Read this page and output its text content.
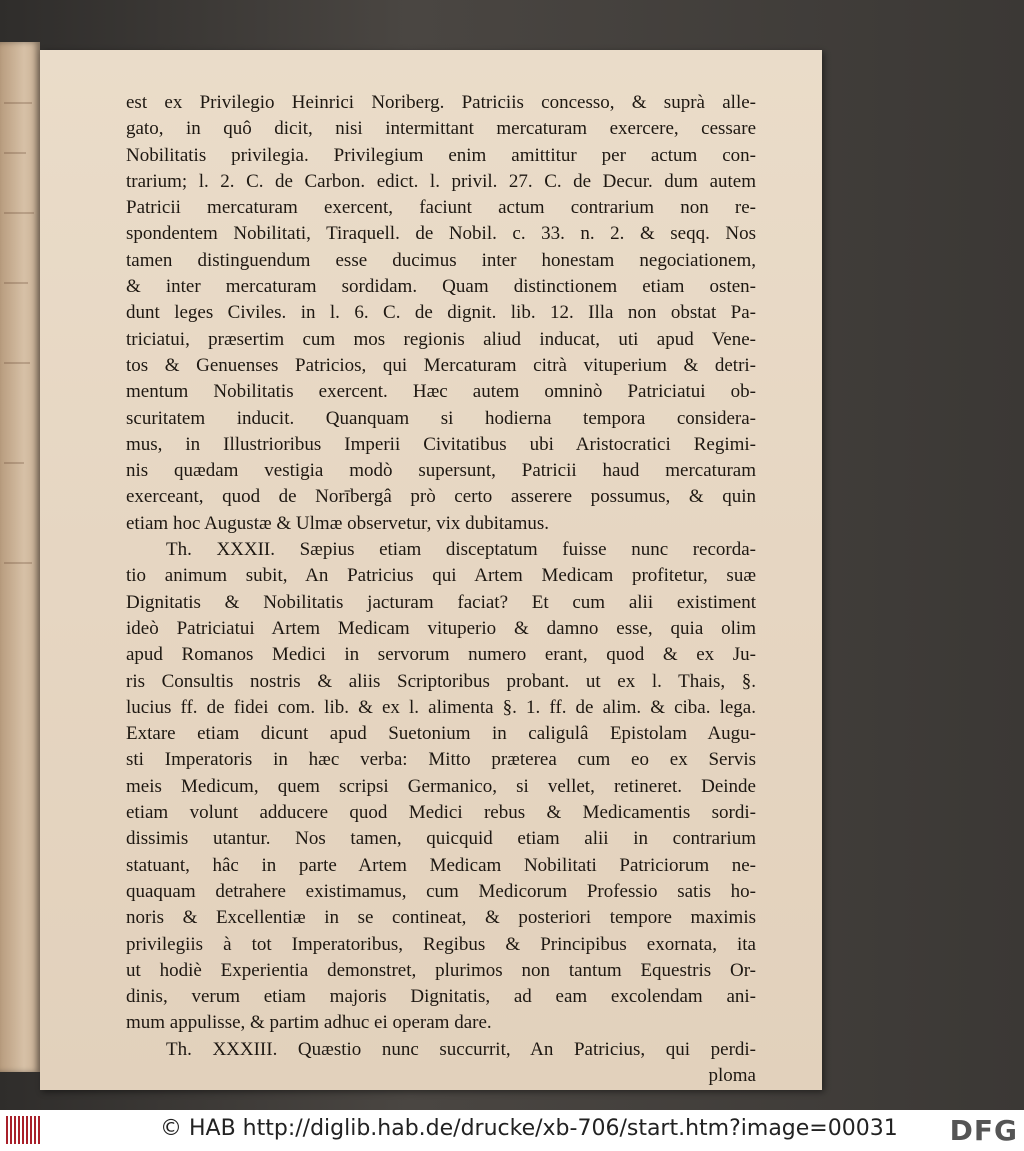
est ex Privilegio Heinrici Noriberg. Patriciis concesso, & suprà alle-
gato, in quô dicit, nisi intermittant mercaturam exercere, cessare
Nobilitatis privilegia. Privilegium enim amittitur per actum con-
trarium; l. 2. C. de Carbon. edict. l. privil. 27. C. de Decur. dum autem
Patricii mercaturam exercent, faciunt actum contrarium non re-
spondentem Nobilitati, Tiraquell. de Nobil. c. 33. n. 2. & seqq. Nos
tamen distinguendum esse ducimus inter honestam negociationem,
& inter mercaturam sordidam. Quam distinctionem etiam osten-
dunt leges Civiles. in l. 6. C. de dignit. lib. 12. Illa non obstat Pa-
triciatui, præsertim cum mos regionis aliud inducat, uti apud Vene-
tos & Genuenses Patricios, qui Mercaturam citrà vituperium & detri-
mentum Nobilitatis exercent. Hæc autem omninò Patriciatui ob-
scuritatem inducit. Quanquam si hodierna tempora considera-
mus, in Illustrioribus Imperii Civitatibus ubi Aristocratici Regimi-
nis quædam vestigia modò supersunt, Patricii haud mercaturam
exerceant, quod de Norībergâ prò certo asserere possumus, & quin
etiam hoc Augustæ & Ulmæ observetur, vix dubitamus.
Th. XXXII. Sæpius etiam disceptatum fuisse nunc recorda-
tio animum subit, An Patricius qui Artem Medicam profitetur, suæ
Dignitatis & Nobilitatis jacturam faciat? Et cum alii existiment
ideò Patriciatui Artem Medicam vituperio & damno esse, quia olim
apud Romanos Medici in servorum numero erant, quod & ex Ju-
ris Consultis nostris & aliis Scriptoribus probant. ut ex l. Thais, §.
lucius ff. de fidei com. lib. & ex l. alimenta §. 1. ff. de alim. & ciba. lega.
Extare etiam dicunt apud Suetonium in caligulâ Epistolam Augu-
sti Imperatoris in hæc verba: Mitto præterea cum eo ex Servis
meis Medicum, quem scripsi Germanico, si vellet, retineret. Deinde
etiam volunt adducere quod Medici rebus & Medicamentis sordi-
dissimis utantur. Nos tamen, quicquid etiam alii in contrarium
statuant, hâc in parte Artem Medicam Nobilitati Patriciorum ne-
quaquam detrahere existimamus, cum Medicorum Professio satis ho-
noris & Excellentiæ in se contineat, & posteriori tempore maximis
privilegiis à tot Imperatoribus, Regibus & Principibus exornata, ita
ut hodiè Experientia demonstret, plurimos non tantum Equestris Or-
dinis, verum etiam majoris Dignitatis, ad eam excolendam ani-
mum appulisse, & partim adhuc ei operam dare.
Th. XXXIII. Quæstio nunc succurrit, An Patricius, qui perdi-
ploma
© HAB http://diglib.hab.de/drucke/xb-706/start.htm?image=00031 DFG
